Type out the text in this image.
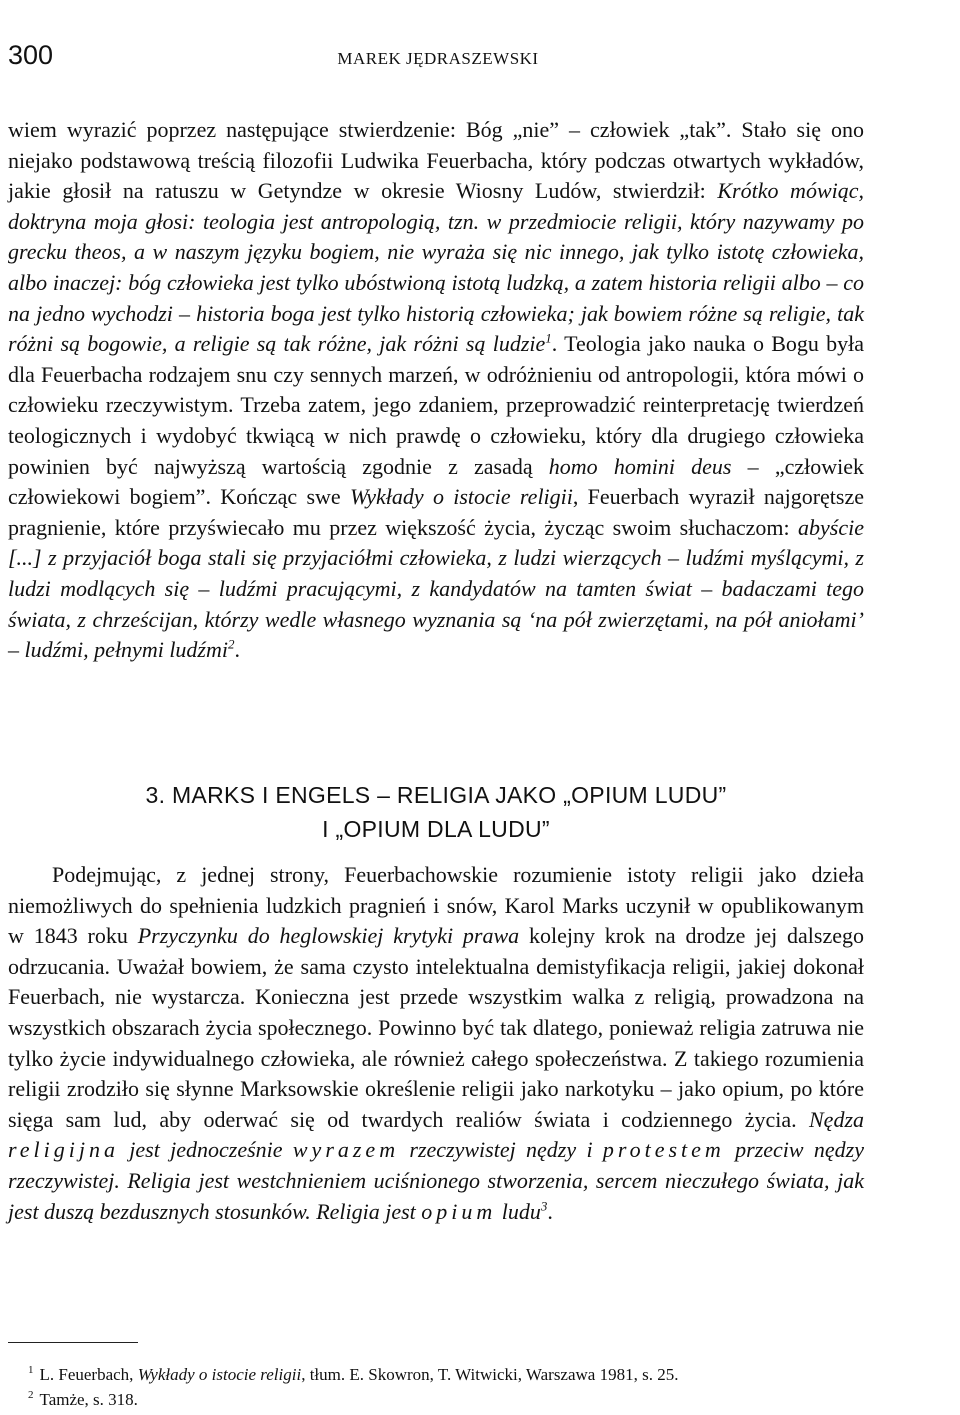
300	MAREK JĘDRASZEWSKI

wiem wyrazić poprzez następujące stwierdzenie: Bóg „nie” – człowiek „tak”. Stało się ono niejako podstawową treścią filozofii Ludwika Feuerbacha, który podczas otwartych wykładów, jakie głosił na ratuszu w Getyndze w okresie Wiosny Ludów, stwierdził: Krótko mówiąc, doktryna moja głosi: teologia jest antropologią, tzn. w przedmiocie religii, który nazywamy po grecku theos, a w naszym języku bogiem, nie wyraża się nic innego, jak tylko istotę człowieka, albo inaczej: bóg człowieka jest tylko ubóstwioną istotą ludzką, a zatem historia religii albo – co na jedno wychodzi – historia boga jest tylko historią człowieka; jak bowiem różne są religie, tak różni są bogowie, a religie są tak różne, jak różni są ludzie$^1$. Teologia jako nauka o Bogu była dla Feuerbacha rodzajem snu czy sennych marzeń, w odróżnieniu od antropologii, która mówi o człowieku rzeczywistym. Trzeba zatem, jego zdaniem, przeprowadzić reinterpretację twierdzeń teologicznych i wydobyć tkwiącą w nich prawdę o człowieku, który dla drugiego człowieka powinien być najwyższą wartością zgodnie z zasadą homo homini deus – „człowiek człowiekowi bogiem”. Kończąc swe Wykłady o istocie religii, Feuerbach wyraził najgorętsze pragnienie, które przyświecało mu przez większość życia, życząc swoim słuchaczom: abyście [...] z przyjaciół boga stali się przyjaciółmi człowieka, z ludzi wierzących – ludźmi myślącymi, z ludzi modlących się – ludźmi pracującymi, z kandydatów na tamten świat – badaczami tego świata, z chrześcijan, którzy wedle własnego wyznania są ‘na pół zwierzętami, na pół aniołami’ – ludźmi, pełnymi ludźmi$^2$.

3. MARKS I ENGELS – RELIGIA JAKO „OPIUM LUDU”
I „OPIUM DLA LUDU”

Podejmując, z jednej strony, Feuerbachowskie rozumienie istoty religii jako dzieła niemożliwych do spełnienia ludzkich pragnień i snów, Karol Marks uczynił w opublikowanym w 1843 roku Przyczynku do heglowskiej krytyki prawa kolejny krok na drodze jej dalszego odrzucania. Uważał bowiem, że sama czysto intelektualna demistyfikacja religii, jakiej dokonał Feuerbach, nie wystarcza. Konieczna jest przede wszystkim walka z religią, prowadzona na wszystkich obszarach życia społecznego. Powinno być tak dlatego, ponieważ religia zatruwa nie tylko życie indywidualnego człowieka, ale również całego społeczeństwa. Z takiego rozumienia religii zrodziło się słynne Marksowskie określenie religii jako narkotyku – jako opium, po które sięga sam lud, aby oderwać się od twardych realiów świata i codziennego życia. Nędza religijna jest jednocześnie wyrazem rzeczywistej nędzy i protestem przeciw nędzy rzeczywistej. Religia jest westchnieniem uciśnionego stworzenia, sercem nieczułego świata, jak jest duszą bezdusznych stosunków. Religia jest opium ludu$^3$.

$^1$ L. Feuerbach, Wykłady o istocie religii, tłum. E. Skowron, T. Witwicki, Warszawa 1981, s. 25.

$^2$ Tamże, s. 318.
